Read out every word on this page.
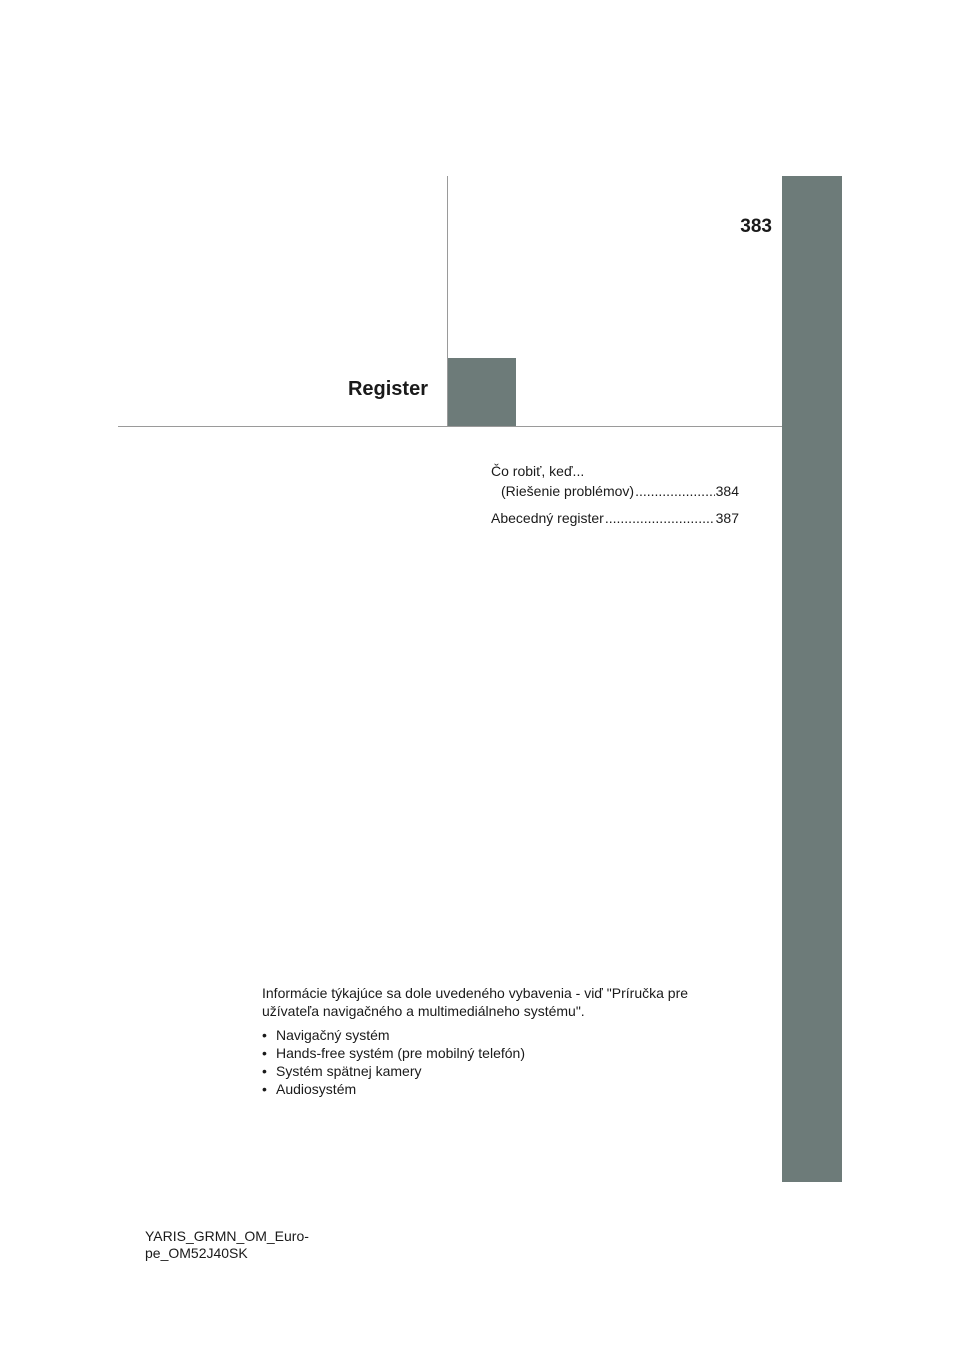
383
Register
Čo robiť, keď...
(Riešenie problémov) .....	384
Abecedný register .....	387

Informácie týkajúce sa dole uvedeného vybavenia - viď "Príručka pre užívateľa navigačného a multimediálneho systému".

• Navigačný systém
• Hands-free systém (pre mobilný telefón)
• Systém spätnej kamery
• Audiosystém
YARIS_GRMN_OM_Euro-
pe_OM52J40SK
